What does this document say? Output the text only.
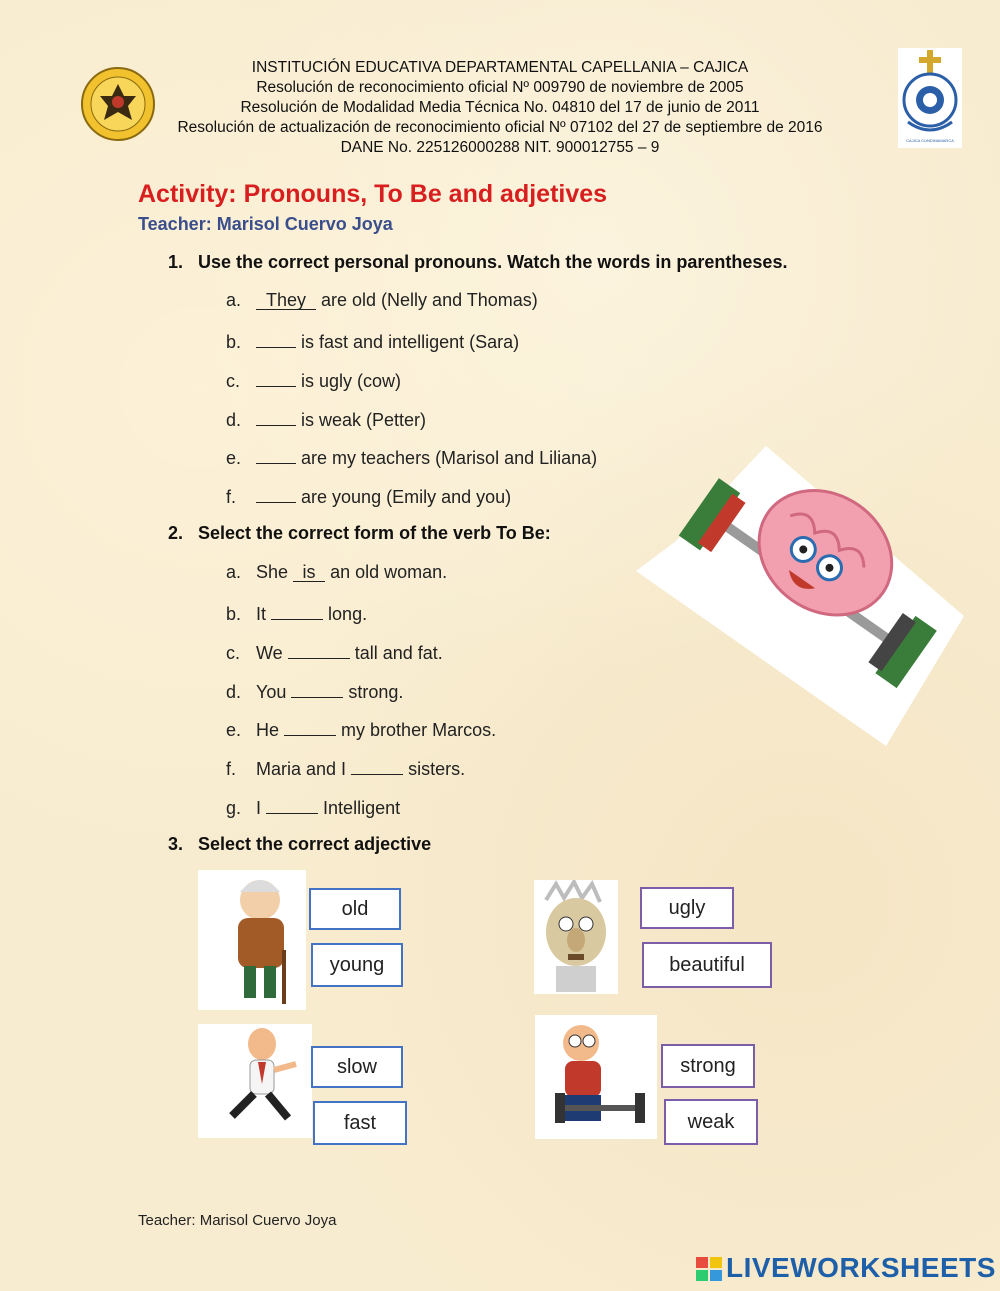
INSTITUCIÓN EDUCATIVA DEPARTAMENTAL CAPELLANIA – CAJICA
Resolución de reconocimiento oficial Nº 009790 de noviembre de 2005
Resolución de Modalidad Media Técnica No. 04810 del 17 de junio de 2011
Resolución de actualización de reconocimiento oficial Nº 07102 del 27 de septiembre de 2016
DANE No. 225126000288 NIT. 900012755 – 9	CAJICA CUNDINAMARCA
Activity: Pronouns, To Be and adjetives
Teacher: Marisol Cuervo Joya
1. Use the correct personal pronouns. Watch the words in parentheses.
a. They are old (Nelly and Thomas)
b.	is fast and intelligent (Sara)
c.	is ugly (cow)
d.	is weak (Petter)
e.	are my teachers (Marisol and Liliana)
f.	are young (Emily and you)
2. Select the correct form of the verb To Be:
a. She is an old woman.
b. It	long.
c. We	tall and fat.
d. You	strong.
e. He	my brother Marcos.
f. Maria and I	sisters.
g. I	Intelligent
3. Select the correct adjective
old
young
ugly
beautiful
slow
fast
strong
weak
Teacher: Marisol Cuervo Joya
LIVEWORKSHEETS
